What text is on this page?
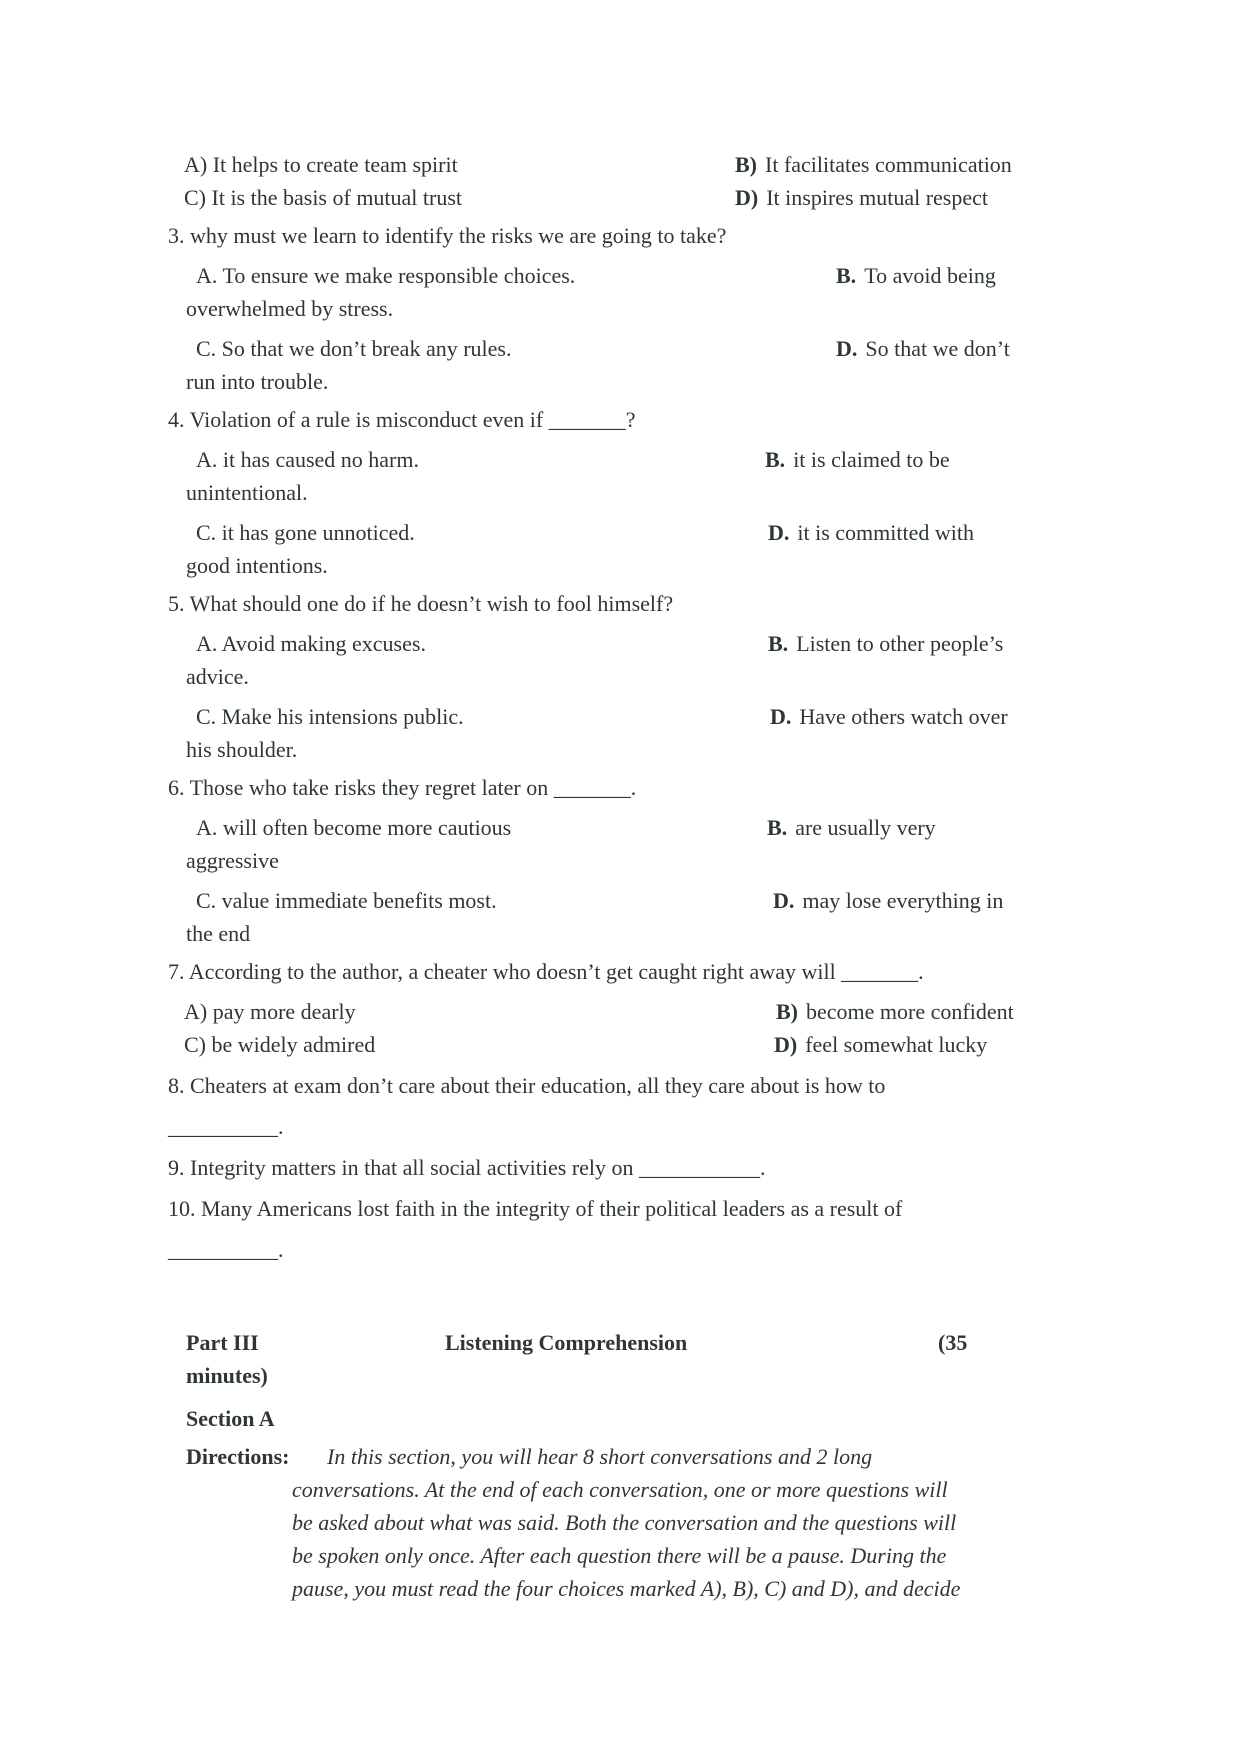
A) It helps to create team spirit	B) It facilitates communication
C) It is the basis of mutual trust	D) It inspires mutual respect
3. why must we learn to identify the risks we are going to take?
A. To ensure we make responsible choices.	B. To avoid being
overwhelmed by stress.
C. So that we don’t break any rules.	D. So that we don’t
run into trouble.
4. Violation of a rule is misconduct even if _______?
A. it has caused no harm.	B. it is claimed to be
unintentional.
C. it has gone unnoticed.	D. it is committed with
good intentions.
5. What should one do if he doesn’t wish to fool himself?
A. Avoid making excuses.	B. Listen to other people’s
advice.
C. Make his intensions public.	D. Have others watch over
his shoulder.
6. Those who take risks they regret later on _______.
A. will often become more cautious	B. are usually very
aggressive
C. value immediate benefits most.	D. may lose everything in
the end
7. According to the author, a cheater who doesn’t get caught right away will _______.
A) pay more dearly	B) become more confident
C) be widely admired	D) feel somewhat lucky
8. Cheaters at exam don’t care about their education, all they care about is how to
__________.
9. Integrity matters in that all social activities rely on ___________.
10. Many Americans lost faith in the integrity of their political leaders as a result of
__________.
Part III	Listening Comprehension	(35
minutes)
Section A
Directions: In this section, you will hear 8 short conversations and 2 long
conversations. At the end of each conversation, one or more questions will
be asked about what was said. Both the conversation and the questions will
be spoken only once. After each question there will be a pause. During the
pause, you must read the four choices marked A), B), C) and D), and decide
